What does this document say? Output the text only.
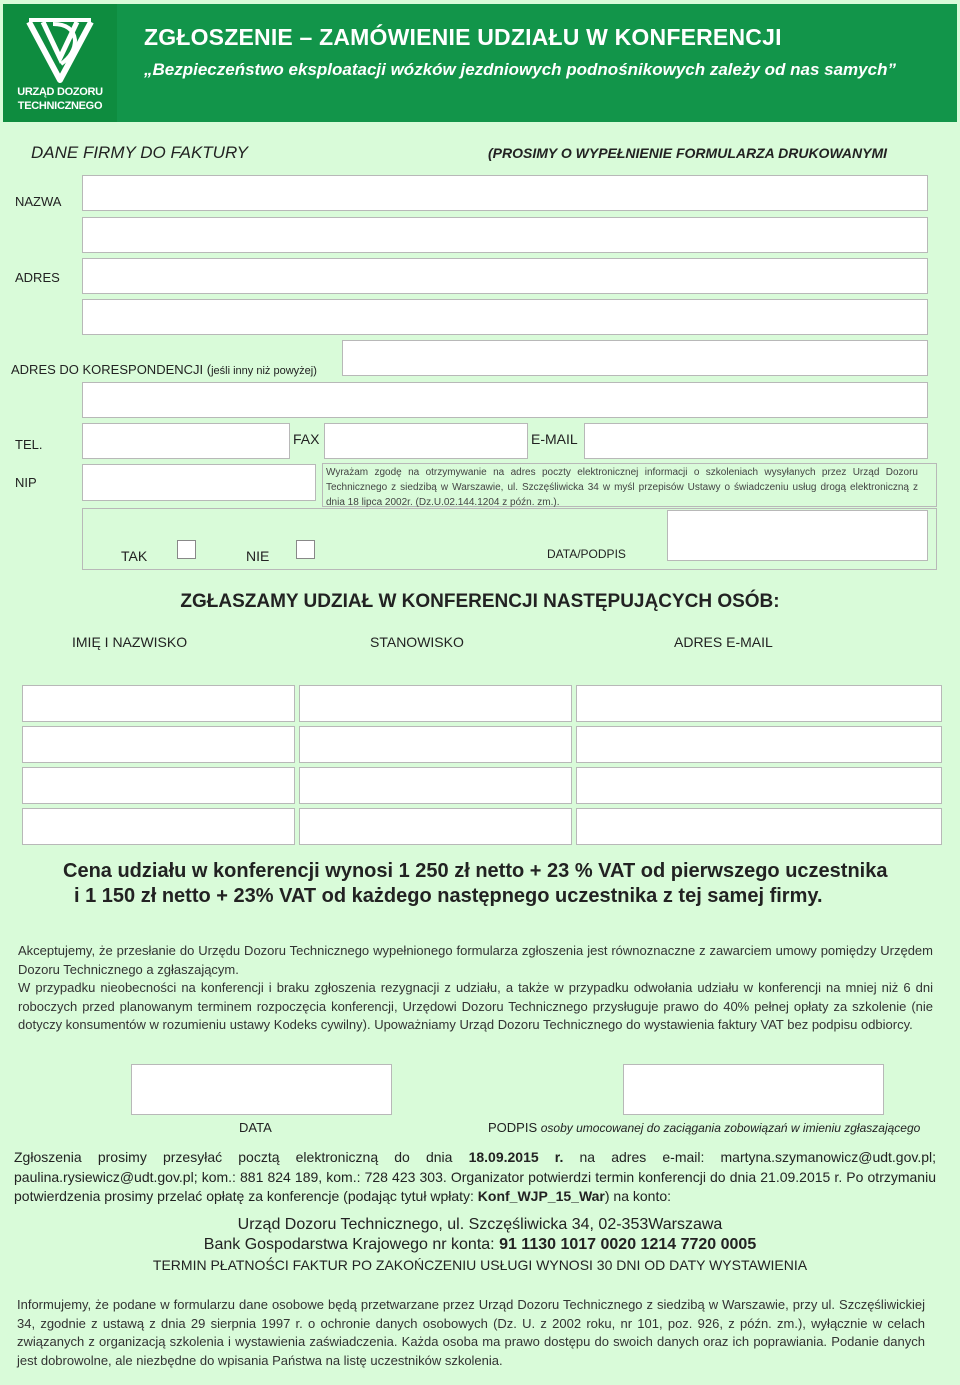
URZĄD DOZORU
TECHNICZNEGO
ZGŁOSZENIE – ZAMÓWIENIE UDZIAŁU W KONFERENCJI
„Bezpieczeństwo eksploatacji wózków jezdniowych podnośnikowych zależy od nas samych”
DANE FIRMY DO FAKTURY	(PROSIMY O WYPEŁNIENIE FORMULARZA DRUKOWANYMI
NAZWA
ADRES
ADRES DO KORESPONDENCJI (jeśli inny niż powyżej)
TEL.	FAX	E-MAIL
NIP
Wyrażam zgodę na otrzymywanie na adres poczty elektronicznej informacji o szkoleniach wysyłanych przez Urząd Dozoru Technicznego z siedzibą w Warszawie, ul. Szczęśliwicka 34 w myśl przepisów Ustawy o świadczeniu usług drogą elektroniczną z dnia 18 lipca 2002r. (Dz.U.02.144.1204 z późn. zm.).
TAK	NIE	DATA/PODPIS
ZGŁASZAMY UDZIAŁ W KONFERENCJI NASTĘPUJĄCYCH OSÓB:
IMIĘ I NAZWISKO	STANOWISKO	ADRES E-MAIL
Cena udziału w konferencji wynosi 1 250 zł netto + 23 % VAT od pierwszego uczestnika
i 1 150 zł netto + 23% VAT od każdego następnego uczestnika z tej samej firmy.
Akceptujemy, że przesłanie do Urzędu Dozoru Technicznego wypełnionego formularza zgłoszenia jest równoznaczne z zawarciem umowy pomiędzy Urzędem Dozoru Technicznego a zgłaszającym.
W przypadku nieobecności na konferencji i braku zgłoszenia rezygnacji z udziału, a także w przypadku odwołania udziału w konferencji na mniej niż 6 dni roboczych przed planowanym terminem rozpoczęcia konferencji, Urzędowi Dozoru Technicznego przysługuje prawo do 40% pełnej opłaty za szkolenie (nie dotyczy konsumentów w rozumieniu ustawy Kodeks cywilny). Upoważniamy Urząd Dozoru Technicznego do wystawienia faktury VAT bez podpisu odbiorcy.
DATA	PODPIS osoby umocowanej do zaciągania zobowiązań w imieniu zgłaszającego
Zgłoszenia prosimy przesyłać pocztą elektroniczną do dnia 18.09.2015 r. na adres e-mail: martyna.szymanowicz@udt.gov.pl; paulina.rysiewicz@udt.gov.pl; kom.: 881 824 189, kom.: 728 423 303. Organizator potwierdzi termin konferencji do dnia 21.09.2015 r. Po otrzymaniu potwierdzenia prosimy przelać opłatę za konferencje (podając tytuł wpłaty: Konf_WJP_15_War) na konto:
Urząd Dozoru Technicznego, ul. Szczęśliwicka 34, 02-353Warszawa
Bank Gospodarstwa Krajowego nr konta: 91 1130 1017 0020 1214 7720 0005
TERMIN PŁATNOŚCI FAKTUR PO ZAKOŃCZENIU USŁUGI WYNOSI 30 DNI OD DATY WYSTAWIENIA
Informujemy, że podane w formularzu dane osobowe będą przetwarzane przez Urząd Dozoru Technicznego z siedzibą w Warszawie, przy ul. Szczęśliwickiej 34, zgodnie z ustawą z dnia 29 sierpnia 1997 r. o ochronie danych osobowych (Dz. U. z 2002 roku, nr 101, poz. 926, z późn. zm.), wyłącznie w celach związanych z organizacją szkolenia i wystawienia zaświadczenia. Każda osoba ma prawo dostępu do swoich danych oraz ich poprawiania. Podanie danych jest dobrowolne, ale niezbędne do wpisania Państwa na listę uczestników szkolenia.
